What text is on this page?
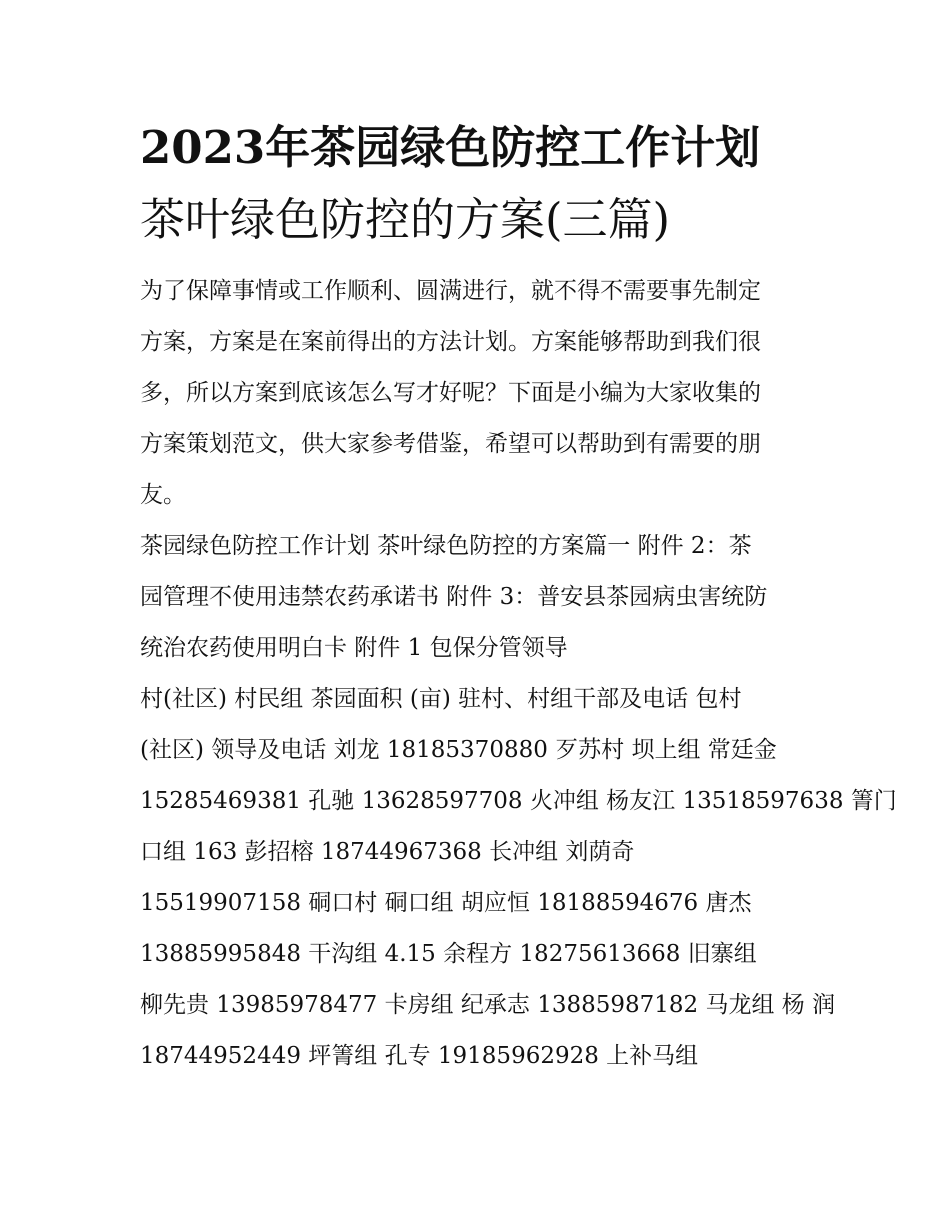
2023年茶园绿色防控工作计划

茶叶绿色防控的方案(三篇)

为了保障事情或工作顺利、圆满进行，就不得不需要事先制定

方案，方案是在案前得出的方法计划。方案能够帮助到我们很

多，所以方案到底该怎么写才好呢？下面是小编为大家收集的

方案策划范文，供大家参考借鉴，希望可以帮助到有需要的朋

友。

茶园绿色防控工作计划 茶叶绿色防控的方案篇一 附件 2：茶

园管理不使用违禁农药承诺书 附件 3：普安县茶园病虫害统防

统治农药使用明白卡 附件 1 包保分管领导

村(社区) 村民组 茶园面积 (亩) 驻村、村组干部及电话 包村

(社区) 领导及电话 刘龙 18185370880 歹苏村 坝上组 常廷金

15285469381 孔驰 13628597708 火冲组 杨友江 13518597638 箐门

口组 163 彭招榕 18744967368 长冲组 刘荫奇

15519907158 硐口村 硐口组 胡应恒 18188594676 唐杰

13885995848 干沟组 4.15 余程方 18275613668 旧寨组

柳先贵 13985978477 卡房组 纪承志 13885987182 马龙组 杨 润

18744952449 坪箐组 孔专 19185962928 上补马组
